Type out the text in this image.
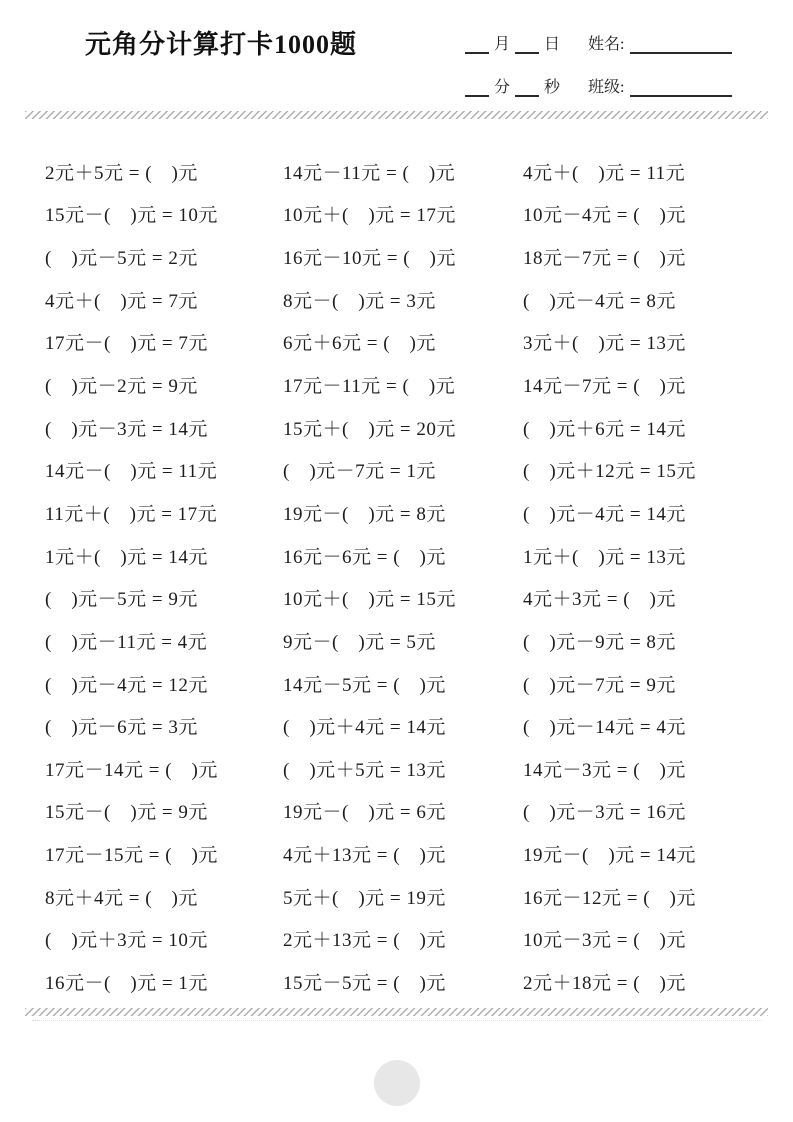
元角分计算打卡1000题	月 日 姓名:
分 秒 班级:
2元＋5元 = (　)元	14元－11元 = (　)元	4元＋(　)元 = 11元
15元－(　)元 = 10元	10元＋(　)元 = 17元	10元－4元 = (　)元
(　)元－5元 = 2元	16元－10元 = (　)元	18元－7元 = (　)元
4元＋(　)元 = 7元	8元－(　)元 = 3元	(　)元－4元 = 8元
17元－(　)元 = 7元	6元＋6元 = (　)元	3元＋(　)元 = 13元
(　)元－2元 = 9元	17元－11元 = (　)元	14元－7元 = (　)元
(　)元－3元 = 14元	15元＋(　)元 = 20元	(　)元＋6元 = 14元
14元－(　)元 = 11元	(　)元－7元 = 1元	(　)元＋12元 = 15元
11元＋(　)元 = 17元	19元－(　)元 = 8元	(　)元－4元 = 14元
1元＋(　)元 = 14元	16元－6元 = (　)元	1元＋(　)元 = 13元
(　)元－5元 = 9元	10元＋(　)元 = 15元	4元＋3元 = (　)元
(　)元－11元 = 4元	9元－(　)元 = 5元	(　)元－9元 = 8元
(　)元－4元 = 12元	14元－5元 = (　)元	(　)元－7元 = 9元
(　)元－6元 = 3元	(　)元＋4元 = 14元	(　)元－14元 = 4元
17元－14元 = (　)元	(　)元＋5元 = 13元	14元－3元 = (　)元
15元－(　)元 = 9元	19元－(　)元 = 6元	(　)元－3元 = 16元
17元－15元 = (　)元	4元＋13元 = (　)元	19元－(　)元 = 14元
8元＋4元 = (　)元	5元＋(　)元 = 19元	16元－12元 = (　)元
(　)元＋3元 = 10元	2元＋13元 = (　)元	10元－3元 = (　)元
16元－(　)元 = 1元	15元－5元 = (　)元	2元＋18元 = (　)元
